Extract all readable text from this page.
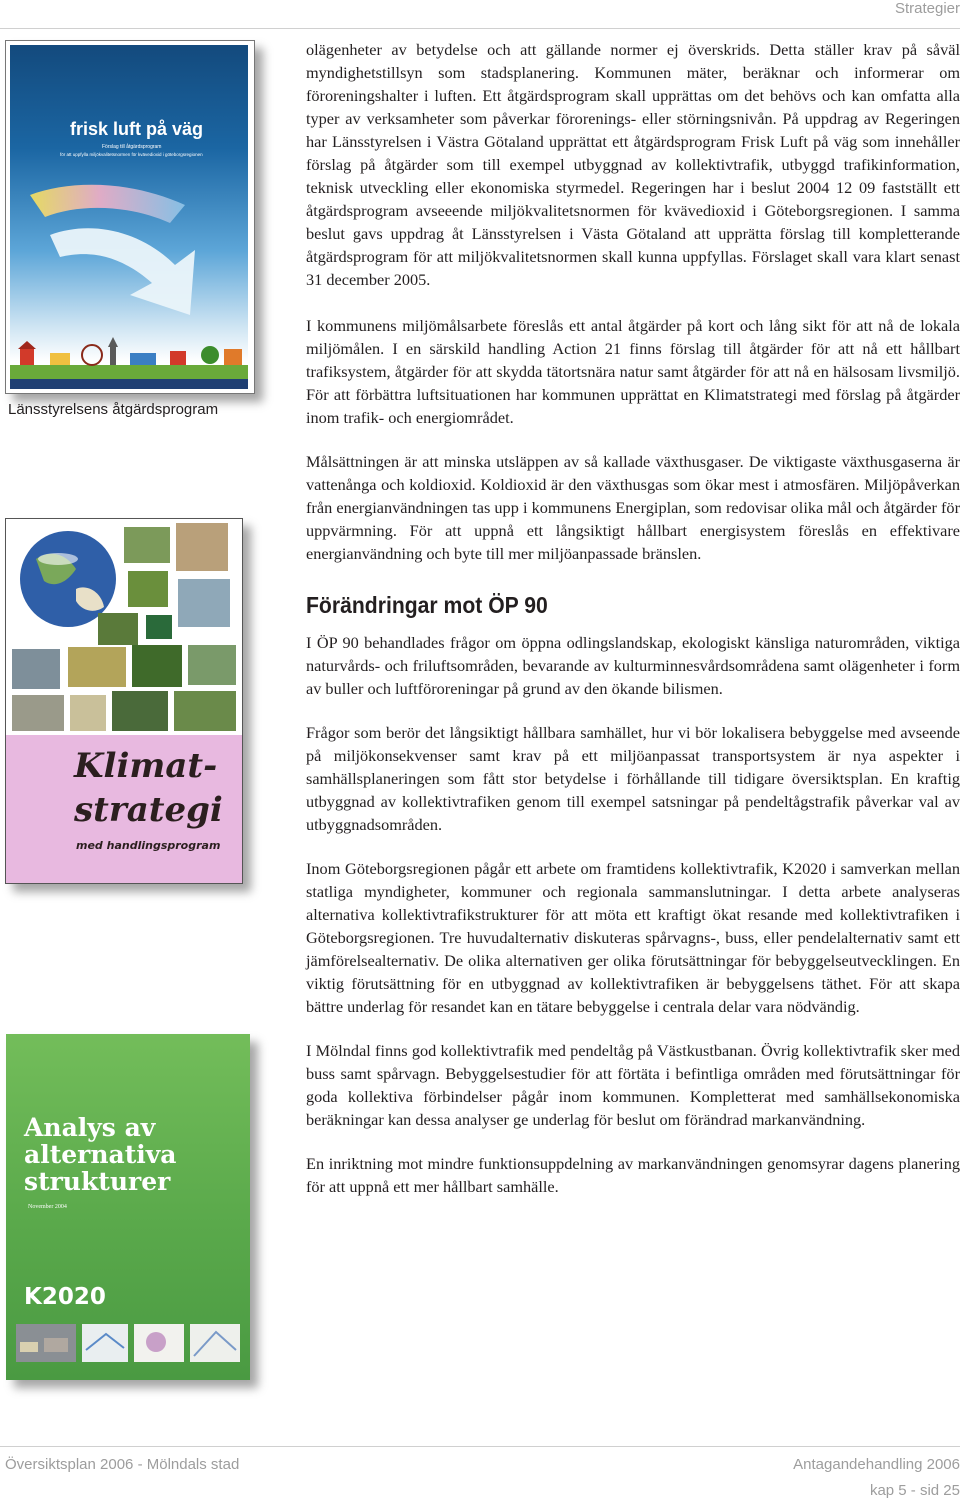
Strategier
frisk luft på väg
Förslag till åtgärdsprogram
för att uppfylla miljökvalitetsnormen för kvävedioxid i göteborgsregionen
Länsstyrelsens åtgärdsprogram
Klimat-
strategi
med handlingsprogram
Analys av
alternativa
strukturer
November 2004
K2020

olägenheter av betydelse och att gällande normer ej överskrids. Detta ställer krav på såväl myndighetstillsyn som stadsplanering. Kommunen mäter, beräknar och informerar om föroreningshalter i luften. Ett åtgärdsprogram skall upprättas om det behövs och kan omfatta alla typer av verksamheter som påverkar förorenings- eller störningsnivån. På uppdrag av Regeringen har Länsstyrelsen i Västra Götaland upprättat ett åtgärdsprogram Frisk Luft på väg som innehåller förslag på åtgärder som till exempel utbyggnad av kollektivtrafik, utbyggd trafikinformation, teknisk utveckling eller ekonomiska styrmedel. Regeringen har i beslut 2004 12 09 fastställt ett åtgärdsprogram avseeende miljökvalitetsnormen för kvävedioxid i Göteborgsregionen. I samma beslut gavs uppdrag åt Länsstyrelsen i Västa Götaland att upprätta förslag till kompletterande åtgärdsprogram för att miljökvalitetsnormen skall kunna uppfyllas. Förslaget skall vara klart senast 31 december 2005.

I kommunens miljömålsarbete föreslås ett antal åtgärder på kort och lång sikt för att nå de lokala miljömålen. I en särskild handling Action 21 finns förslag till åtgärder för att nå ett hållbart trafiksystem, åtgärder för att skydda tätortsnära natur samt åtgärder för att nå en hälsosam livsmiljö. För att förbättra luftsituationen har kommunen upprättat en Klimatstrategi med förslag på åtgärder inom trafik- och energiområdet.

Målsättningen är att minska utsläppen av så kallade växthusgaser. De viktigaste växthusgaserna är vattenånga och koldioxid. Koldioxid är den växthusgas som ökar mest i atmosfären. Miljöpåverkan från energianvändningen tas upp i kommunens Energiplan, som redovisar olika mål och åtgärder för uppvärmning. För att uppnå ett långsiktigt hållbart energisystem föreslås en effektivare energianvändning och byte till mer miljöanpassade bränslen.

Förändringar mot ÖP 90

I ÖP 90 behandlades frågor om öppna odlingslandskap, ekologiskt känsliga naturområden, viktiga naturvårds- och friluftsområden, bevarande av kulturminnesvårdsområdena samt olägenheter i form av buller och luftföroreningar på grund av den ökande bilismen.

Frågor som berör det långsiktigt hållbara samhället, hur vi bör lokalisera bebyggelse med avseende på miljökonsekvenser samt krav på ett miljöanpassat transportsystem är nya aspekter i samhällsplaneringen som fått stor betydelse i förhållande till tidigare översiktsplan. En kraftig utbyggnad av kollektivtrafiken genom till exempel satsningar på pendeltågstrafik påverkar val av utbyggnadsområden.

Inom Göteborgsregionen pågår ett arbete om framtidens kollektivtrafik, K2020 i samverkan mellan statliga myndigheter, kommuner och regionala sammanslutningar. I detta arbete analyseras alternativa kollektivtrafikstrukturer för att möta ett kraftigt ökat resande med kollektivtrafiken i Göteborgsregionen. Tre huvudalternativ diskuteras spårvagns-, buss, eller pendelalternativ samt ett jämförelsealternativ. De olika alternativen ger olika förutsättningar för bebyggelseutvecklingen. En viktig förutsättning för en utbyggnad av kollektivtrafiken är bebyggelsens täthet. För att skapa bättre underlag för resandet kan en tätare bebyggelse i centrala delar vara nödvändig.

I Mölndal finns god kollektivtrafik med pendeltåg på Västkustbanan. Övrig kollektivtrafik sker med buss samt spårvagn. Bebyggelsestudier för att förtäta i befintliga områden med förutsättningar för goda kollektiva förbindelser pågår inom kommunen. Kompletterat med samhällsekonomiska beräkningar kan dessa analyser ge underlag för beslut om förändrad markanvändning.

En inriktning mot mindre funktionsuppdelning av markanvändningen genomsyrar dagens planering för att uppnå ett mer hållbart samhälle.

Översiktsplan 2006 - Mölndals stad	Antagandehandling 2006
kap 5 - sid 25
